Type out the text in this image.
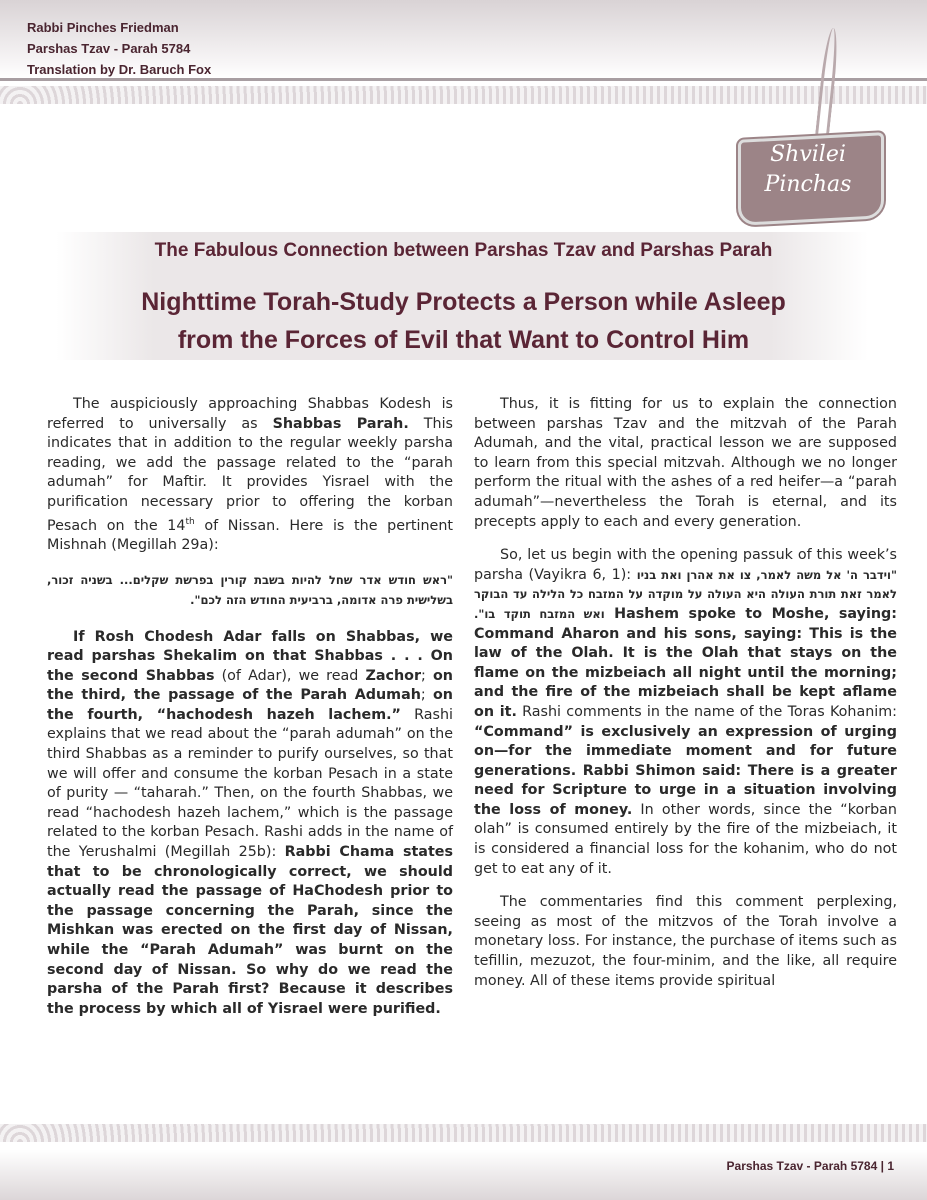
Rabbi Pinches Friedman
Parshas Tzav - Parah 5784
Translation by Dr. Baruch Fox
Shvilei
Pinchas
The Fabulous Connection between Parshas Tzav and Parshas Parah
Nighttime Torah-Study Protects a Person while Asleep
from the Forces of Evil that Want to Control Him

The auspiciously approaching Shabbas Kodesh is referred to universally as Shabbas Parah. This indicates that in addition to the regular weekly parsha reading, we add the passage related to the “parah adumah” for Maftir. It provides Yisrael with the purification necessary prior to offering the korban Pesach on the 14th of Nissan. Here is the pertinent Mishnah (Megillah 29a):

"ראש חודש אדר שחל להיות בשבת קורין בפרשת שקלים... בשניה זכור, בשלישית פרה אדומה, ברביעית החודש הזה לכם".

If Rosh Chodesh Adar falls on Shabbas, we read parshas Shekalim on that Shabbas . . . On the second Shabbas (of Adar), we read Zachor; on the third, the passage of the Parah Adumah; on the fourth, “hachodesh hazeh lachem.” Rashi explains that we read about the “parah adumah” on the third Shabbas as a reminder to purify ourselves, so that we will offer and consume the korban Pesach in a state of purity — “taharah.” Then, on the fourth Shabbas, we read “hachodesh hazeh lachem,” which is the passage related to the korban Pesach. Rashi adds in the name of the Yerushalmi (Megillah 25b): Rabbi Chama states that to be chronologically correct, we should actually read the passage of HaChodesh prior to the passage concerning the Parah, since the Mishkan was erected on the first day of Nissan, while the “Parah Adumah” was burnt on the second day of Nissan. So why do we read the parsha of the Parah first? Because it describes the process by which all of Yisrael were purified.

Thus, it is fitting for us to explain the connection between parshas Tzav and the mitzvah of the Parah Adumah, and the vital, practical lesson we are supposed to learn from this special mitzvah. Although we no longer perform the ritual with the ashes of a red heifer—a “parah adumah”—nevertheless the Torah is eternal, and its precepts apply to each and every generation.

So, let us begin with the opening passuk of this week’s parsha (Vayikra 6, 1): "וידבר ה' אל משה לאמר, צו את אהרן ואת בניו לאמר זאת תורת העולה היא העולה על מוקדה על המזבח כל הלילה עד הבוקר ואש המזבח תוקד בו". Hashem spoke to Moshe, saying: Command Aharon and his sons, saying: This is the law of the Olah. It is the Olah that stays on the flame on the mizbeiach all night until the morning; and the fire of the mizbeiach shall be kept aflame on it. Rashi comments in the name of the Toras Kohanim: “Command” is exclusively an expression of urging on—for the immediate moment and for future generations. Rabbi Shimon said: There is a greater need for Scripture to urge in a situation involving the loss of money. In other words, since the “korban olah” is consumed entirely by the fire of the mizbeiach, it is considered a financial loss for the kohanim, who do not get to eat any of it.

The commentaries find this comment perplexing, seeing as most of the mitzvos of the Torah involve a monetary loss. For instance, the purchase of items such as tefillin, mezuzot, the four-minim, and the like, all require money. All of these items provide spiritual

Parshas Tzav - Parah 5784 | 1
